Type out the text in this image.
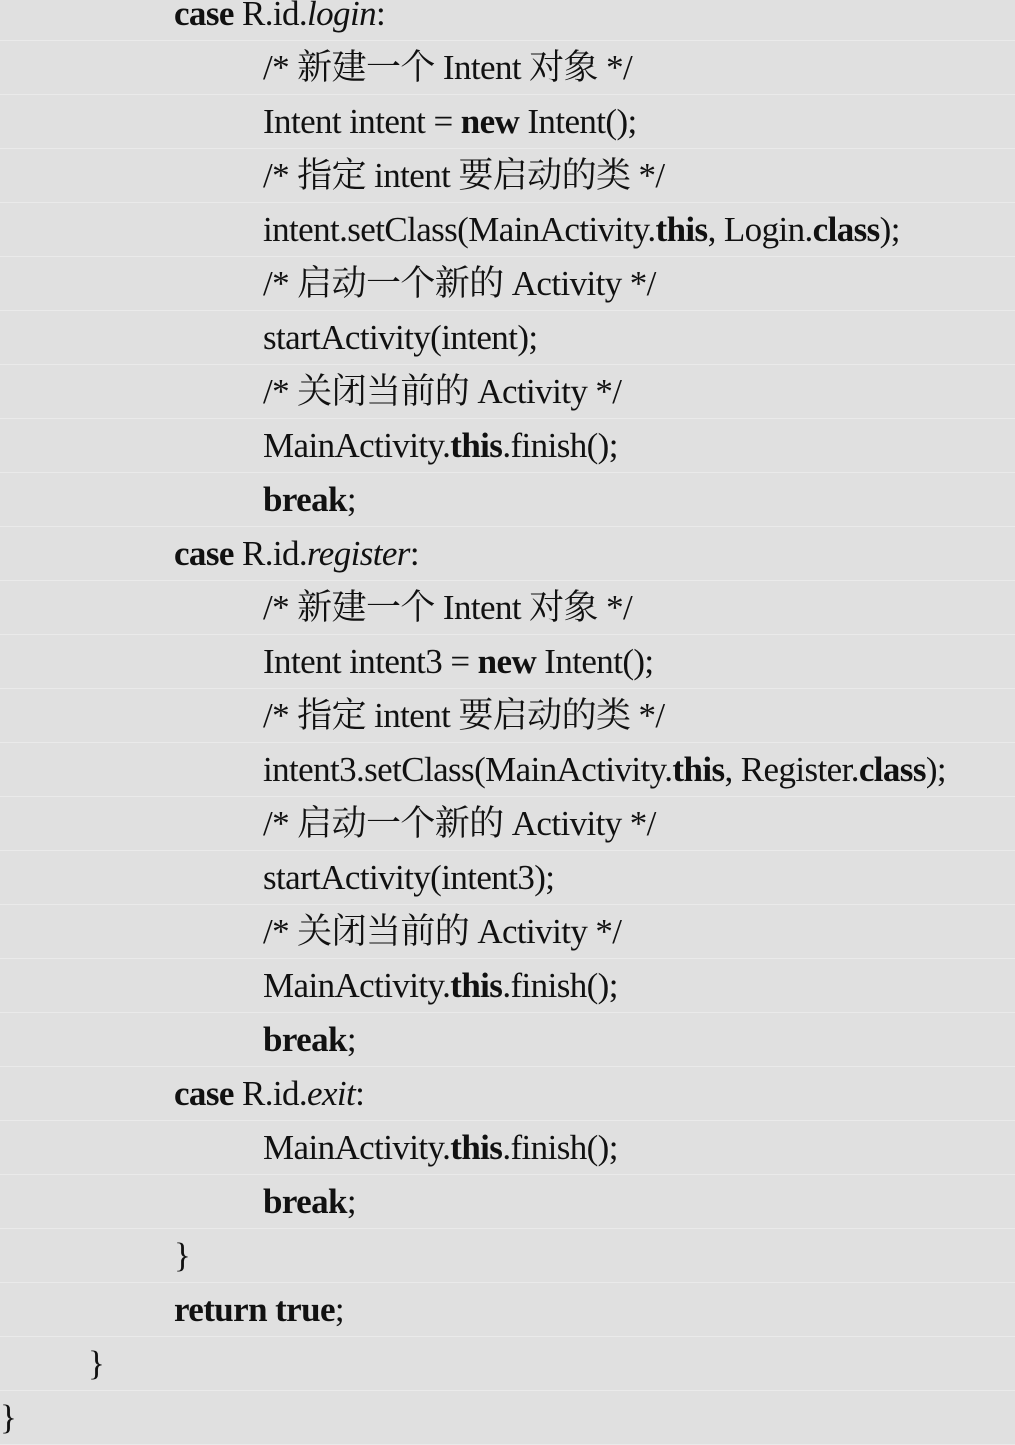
case R.id.login:
/* 新建一个 Intent 对象 */
Intent intent = new Intent();
/* 指定 intent 要启动的类 */
intent.setClass(MainActivity.this, Login.class);
/* 启动一个新的 Activity */
startActivity(intent);
/* 关闭当前的 Activity */
MainActivity.this.finish();
break;
case R.id.register:
/* 新建一个 Intent 对象 */
Intent intent3 = new Intent();
/* 指定 intent 要启动的类 */
intent3.setClass(MainActivity.this, Register.class);
/* 启动一个新的 Activity */
startActivity(intent3);
/* 关闭当前的 Activity */
MainActivity.this.finish();
break;
case R.id.exit:
MainActivity.this.finish();
break;
}
return true;
}
}
